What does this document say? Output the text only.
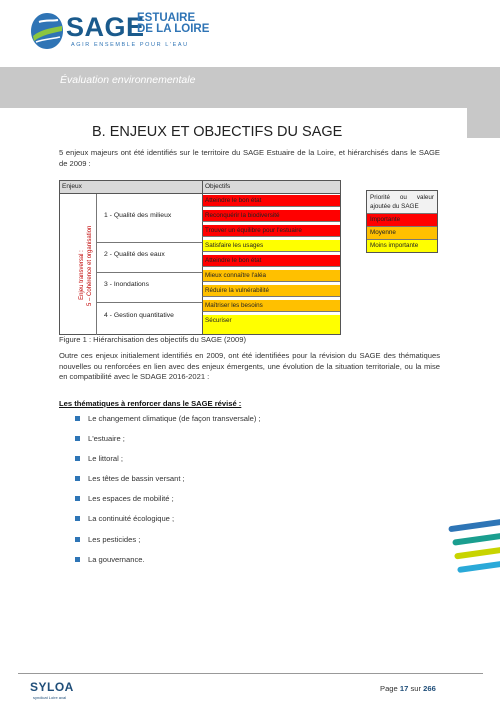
SAGE
ESTUAIRE
DE LA LOIRE
AGIR ENSEMBLE POUR L'EAU
Évaluation environnementale
B. ENJEUX ET OBJECTIFS DU SAGE
5 enjeux majeurs ont été identifiés sur le territoire du SAGE Estuaire de la Loire, et hiérarchisés dans le SAGE de 2009 :
Enjeux	Objectifs
Enjeu transversal : 5 – Cohérence et organisation
1 - Qualité des milieux
2 - Qualité des eaux
3 - Inondations
4 - Gestion quantitative
Atteindre le bon état
Reconquérir la biodiversité
Trouver un équilibre pour l'estuaire
Satisfaire les usages
Atteindre le bon état
Mieux connaître l'aléa
Réduire la vulnérabilité
Maîtriser les besoins
Sécuriser
Priorité ou valeur ajoutée du SAGE
Importante
Moyenne
Moins importante
Figure 1 : Hiérarchisation des objectifs du SAGE (2009)
Outre ces enjeux initialement identifiés en 2009, ont été identifiées pour la révision du SAGE des thématiques nouvelles ou renforcées en lien avec des enjeux émergents, une évolution de la situation territoriale, ou la mise en compatibilité avec le SDAGE 2016-2021 :
Les thématiques à renforcer dans le SAGE révisé :
Le changement climatique (de façon transversale) ;
L'estuaire ;
Le littoral ;
Les têtes de bassin versant ;
Les espaces de mobilité ;
La continuité écologique ;
Les pesticides ;
La gouvernance.
SYLOA
syndicat Loire aval
Page 17 sur 266
